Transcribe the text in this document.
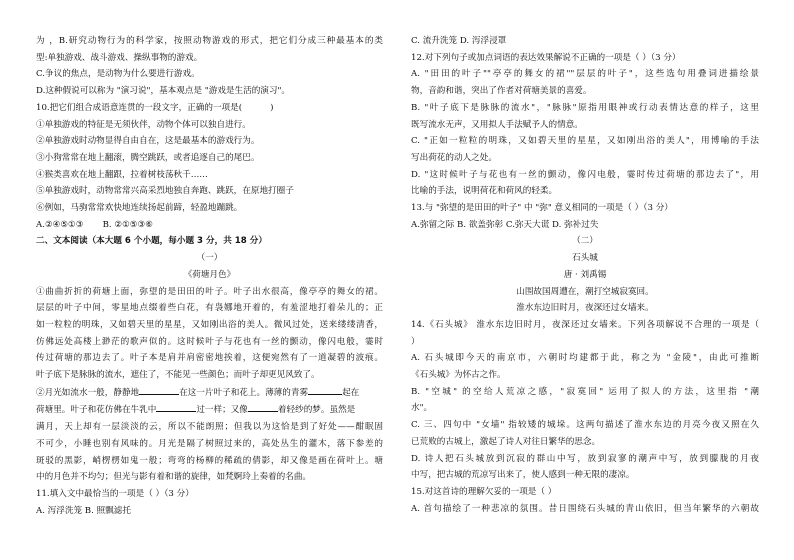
为 ，B.研究动物行为的科学家，按照动物游戏的形式，把它们分成三种最基本的类
型:单独游戏、战斗游戏、操纵事物的游戏。
C.争议的焦点，是动物为什么要进行游戏。
D.这种假说可以称为 "演习说"，基本观点是 "游戏是生活的演习"。
10.把它们组合成语意连贯的一段文字，正确的一项是(	)
①单独游戏的特征是无须伙伴，动物个体可以独自进行。
②单独游戏时动物显得自由自在，这是最基本的游戏行为。
③小狗常常在地上翻滚，腾空跳跃，或者追逐自己的尾巴。
④猴类喜欢在地上翻跟，拉着树枝荡秋千……
⑤单独游戏时，动物常常兴高采烈地独自奔跑、跳跃，在原地打圈子
⑥例如，马驹常常欢快地连续扬起前蹄，轻盈地蹦跳。
A.②④⑤①③ B. ②①⑤③⑥
二、文本阅读（本大题 6 个小题，每小题 3 分，共 18 分）
（一）
《荷塘月色》
①曲曲折折的荷塘上面，弥望的是田田的叶子。叶子出水很高，像亭亭的舞女的裙。
层层的叶子中间，零星地点缀着些白花，有袅娜地开着的，有羞涩地打着朵儿的；正
如一粒粒的明珠，又如碧天里的星星，又如刚出浴的美人。微风过处，送来缕缕清香，
仿佛远处高楼上渺茫的歌声似的。这时候叶子与花也有一丝的颤动，像闪电般，霎时
传过荷塘的那边去了。叶子本是肩并肩密密地挨着，这便宛然有了一道凝碧的波痕。
叶子底下是脉脉的流水，遮住了，不能见一些颜色；而叶子却更见风致了。
②月光如流水一般，静静地	在这一片叶子和花上。薄薄的青雾	起在
荷塘里。叶子和花仿佛在牛乳中	过一样；又像	着轻纱的梦。虽然是
满月，天上却有一层淡淡的云，所以不能朗照；但我以为这恰是到了好处——酣眠固
不可少，小睡也别有风味的。月光是隔了树照过来的，高处丛生的灌木，落下参差的
斑驳的黑影，峭楞楞如鬼一般；弯弯的杨柳的稀疏的倩影，却又像是画在荷叶上。塘
中的月色并不均匀；但光与影有着和谐的旋律，如梵婀玲上奏着的名曲。
11.填入文中最恰当的一项是（ ）（3 分）
A. 泻浮洗笼 B. 照飘滤托
C. 流升洗笼 D. 泻浮浸罩
12.对下列句子或加点词语的表达效果解说不正确的一项是（ ）（3 分）
A. "田田的叶子""亭亭的舞女的裙""层层的叶子"，这些选句用叠词进描绘景
物，音韵和谐，突出了作者对荷塘美景的喜爱。
B. "叶子底下是脉脉的流水"，"脉脉"原指用眼神或行动表情达意的样子，这里
既写流水无声，又用拟人手法赋予人的情意。
C. "正如一粒粒的明珠，又如碧天里的星星，又如刚出浴的美人"，用博喻的手法
写出荷花的动人之处。
D. "这时候叶子与花也有一丝的颤动，像闪电般，霎时传过荷塘的那边去了"，用
比喻的手法，说明荷花和荷风的轻柔。
13.与 "弥望的是田田的叶子" 中 "弥" 意义相同的一项是（ ）（3 分）
A.弥留之际 B. 欲盖弥彰 C.弥天大谎 D. 弥补过失
（二）
石头城
唐 · 刘禹锡
山围故国周遭在，潮打空城寂寞回。
淮水东边旧时月，夜深还过女墙来。
14.《石头城》 淮水东边旧时月，夜深还过女墙来。下列各项解说不合理的一项是（
）
A. 石头城即今天的南京市，六朝时均建都于此，称之为 "金陵"，由此可推断
《石头城》为怀古之作。
B. "空城" 的空给人荒凉之感，"寂寞回" 运用了拟人的方法，这里指 "潮
水"。
C. 三、四句中 "女墙" 指较矮的城垛。这两句描述了淮水东边的月亮今夜又照在久
已荒败的古城上，激起了诗人对往日繁华的思念。
D. 诗人把石头城放到沉寂的群山中写，放到寂寥的潮声中写，放到朦胧的月夜
中写，把古城的荒凉写出来了，使人感到一种无限的凄凉。
15.对这首诗的理解欠妥的一项是（ ）
A. 首句描绘了一种悲凉的氛围。昔日围绕石头城的青山依旧，但当年繁华的六朝故
